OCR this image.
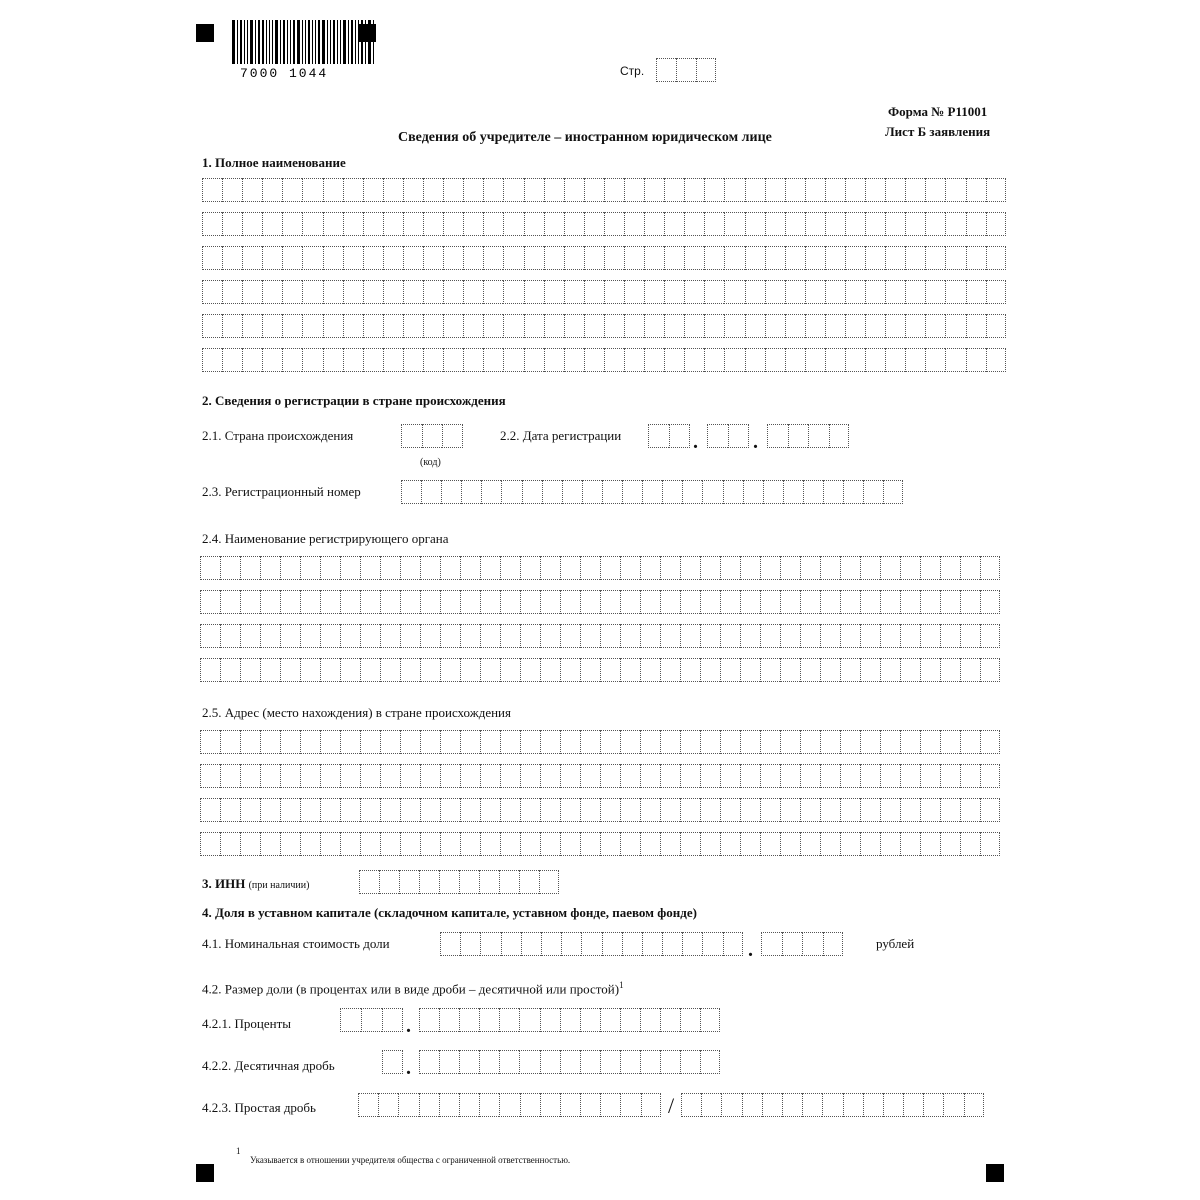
7000 1044	Стр.
Форма № Р11001
Лист Б заявления
Сведения об учредителе – иностранном юридическом лице
1. Полное наименование
2. Сведения о регистрации в стране происхождения
2.1. Страна происхождения
(код)
2.2. Дата регистрации	.	.
2.3. Регистрационный номер
2.4. Наименование регистрирующего органа
2.5. Адрес (место нахождения) в стране происхождения
3. ИНН (при наличии)
4. Доля в уставном капитале (складочном капитале, уставном фонде, паевом фонде)
4.1. Номинальная стоимость доли	.	рублей
4.2. Размер доли (в процентах или в виде дроби – десятичной или простой)$^1$
4.2.1. Проценты	.
4.2.2. Десятичная дробь	.
4.2.3. Простая дробь	/
1
Указывается в отношении учредителя общества с ограниченной ответственностью.
